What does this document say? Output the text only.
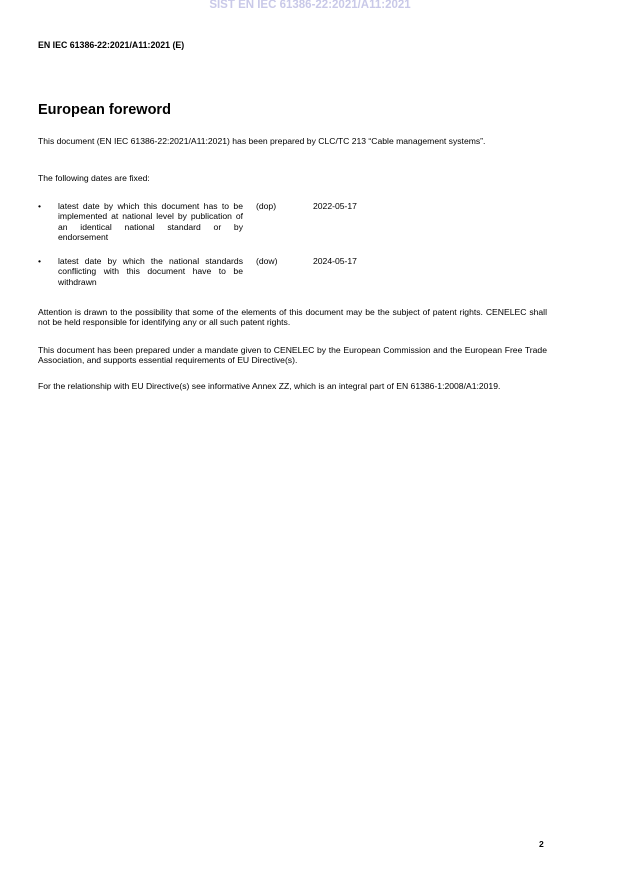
SIST EN IEC 61386-22:2021/A11:2021
EN IEC 61386-22:2021/A11:2021 (E)
European foreword
This document (EN IEC 61386-22:2021/A11:2021) has been prepared by CLC/TC 213 “Cable management systems”.
The following dates are fixed:
• latest date by which this document has to be implemented at national level by publication of an identical national standard or by endorsement
(dop)	2022-05-17
• latest date by which the national standards conflicting with this document have to be withdrawn
(dow)	2024-05-17
Attention is drawn to the possibility that some of the elements of this document may be the subject of patent rights. CENELEC shall not be held responsible for identifying any or all such patent rights.
This document has been prepared under a mandate given to CENELEC by the European Commission and the European Free Trade Association, and supports essential requirements of EU Directive(s).
For the relationship with EU Directive(s) see informative Annex ZZ, which is an integral part of EN 61386-1:2008/A1:2019.
2
